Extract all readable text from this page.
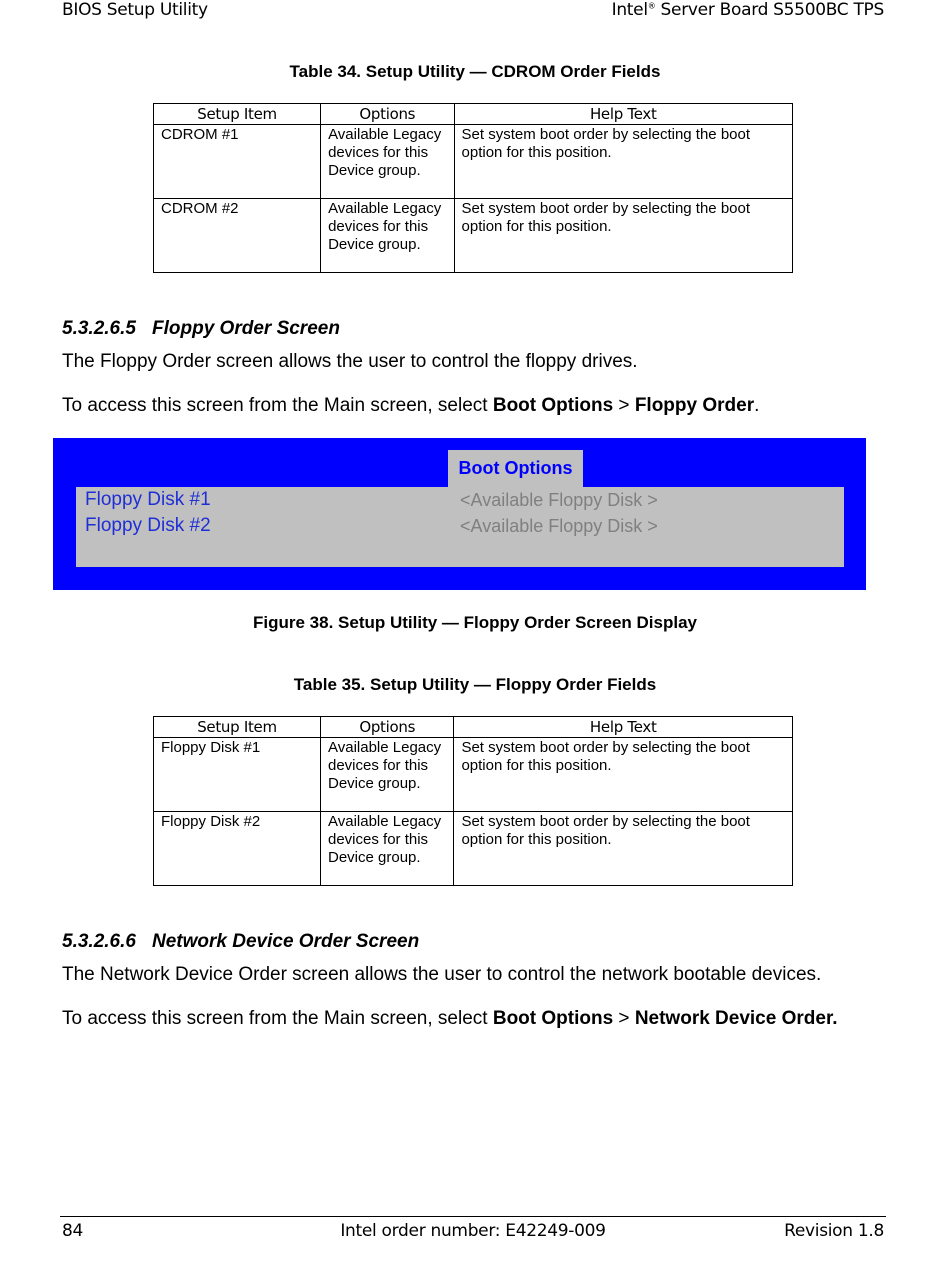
BIOS Setup Utility	Intel® Server Board S5500BC TPS
Table 34. Setup Utility — CDROM Order Fields
Setup Item	Options	Help Text
CDROM #1	Available Legacy devices for this Device group.	Set system boot order by selecting the boot option for this position.
CDROM #2	Available Legacy devices for this Device group.	Set system boot order by selecting the boot option for this position.
5.3.2.6.5 Floppy Order Screen
The Floppy Order screen allows the user to control the floppy drives.
To access this screen from the Main screen, select Boot Options > Floppy Order.
Boot Options
Floppy Disk #1	<Available Floppy Disk >
Floppy Disk #2	<Available Floppy Disk >
Figure 38. Setup Utility — Floppy Order Screen Display
Table 35. Setup Utility — Floppy Order Fields
Setup Item	Options	Help Text
Floppy Disk #1	Available Legacy devices for this Device group.	Set system boot order by selecting the boot option for this position.
Floppy Disk #2	Available Legacy devices for this Device group.	Set system boot order by selecting the boot option for this position.
5.3.2.6.6 Network Device Order Screen
The Network Device Order screen allows the user to control the network bootable devices.
To access this screen from the Main screen, select Boot Options > Network Device Order.
84	Intel order number: E42249-009	Revision 1.8
